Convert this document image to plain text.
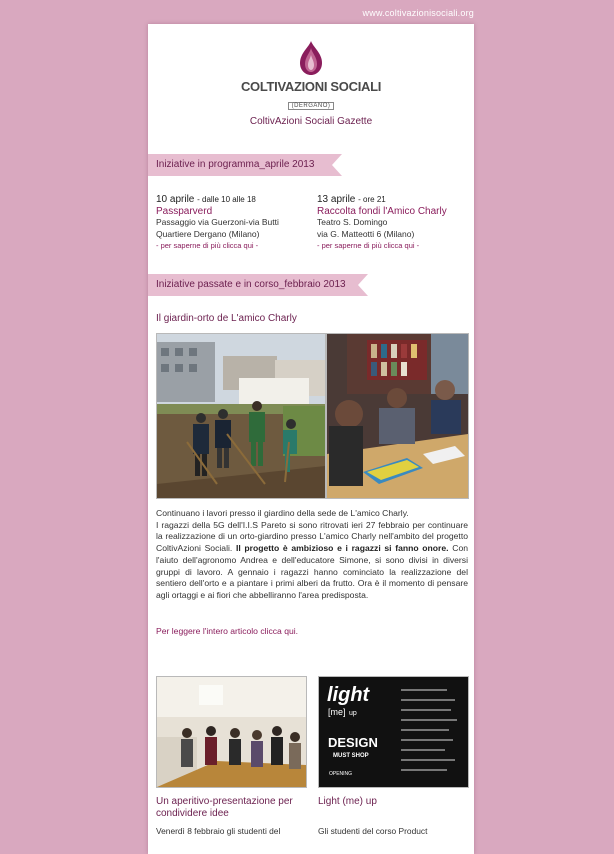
www.coltivazionisociali.org
COLTIVAZIONI SOCIALI
(DERGANO)
ColtivAzioni Sociali Gazette
Iniziative in programma_aprile 2013
10 aprile - dalle 10 alle 18
Passparverd
Passaggio via Guerzoni-via Butti
Quartiere Dergano (Milano)
- per saperne di più clicca qui -
13 aprile - ore 21
Raccolta fondi l'Amico Charly
Teatro S. Domingo
via G. Matteotti 6 (Milano)
- per saperne di più clicca qui -
Iniziative passate e in corso_febbraio 2013
Il giardin-orto de L'amico Charly
Continuano i lavori presso il giardino della sede de L'amico Charly.
I ragazzi della 5G dell'I.I.S Pareto si sono ritrovati ieri 27 febbraio per continuare la realizzazione di un orto-giardino presso L'amico Charly nell'ambito del progetto ColtivAzioni Sociali. Il progetto è ambizioso e i ragazzi si fanno onore. Con l'aiuto dell'agronomo Andrea e dell'educatore Simone, si sono divisi in diversi gruppi di lavoro. A gennaio i ragazzi hanno cominciato la realizzazione del sentiero dell'orto e a piantare i primi alberi da frutto. Ora è il momento di pensare agli ortaggi e ai fiori che abbelliranno l'area predisposta.
Per leggere l'intero articolo clicca qui.
light
[me] up
DESIGN
MUST SHOP
OPENING
Un aperitivo-presentazione per condividere idee
Light (me) up
Venerdì 8 febbraio gli studenti del	Gli studenti del corso Product
